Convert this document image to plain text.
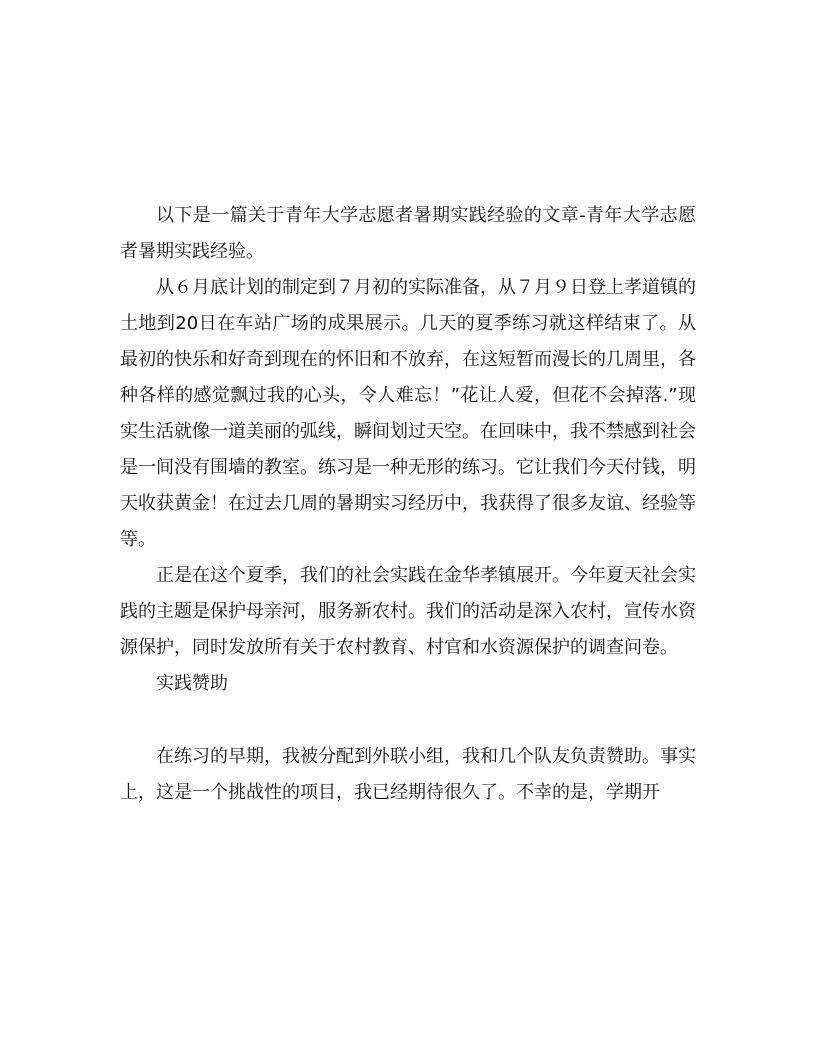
以下是一篇关于青年大学志愿者暑期实践经验的文章-青年大学志愿者暑期实践经验。

从６月底计划的制定到７月初的实际准备，从７月９日登上孝道镇的土地到20日在车站广场的成果展示。几天的夏季练习就这样结束了。从最初的快乐和好奇到现在的怀旧和不放弃，在这短暂而漫长的几周里，各种各样的感觉飘过我的心头，令人难忘！”花让人爱，但花不会掉落.”现实生活就像一道美丽的弧线，瞬间划过天空。在回味中，我不禁感到社会是一间没有围墙的教室。练习是一种无形的练习。它让我们今天付钱，明天收获黄金！在过去几周的暑期实习经历中，我获得了很多友谊、经验等等。

正是在这个夏季，我们的社会实践在金华孝镇展开。今年夏天社会实践的主题是保护母亲河，服务新农村。我们的活动是深入农村，宣传水资源保护，同时发放所有关于农村教育、村官和水资源保护的调查问卷。

实践赞助

在练习的早期，我被分配到外联小组，我和几个队友负责赞助。事实上，这是一个挑战性的项目，我已经期待很久了。不幸的是，学期开
